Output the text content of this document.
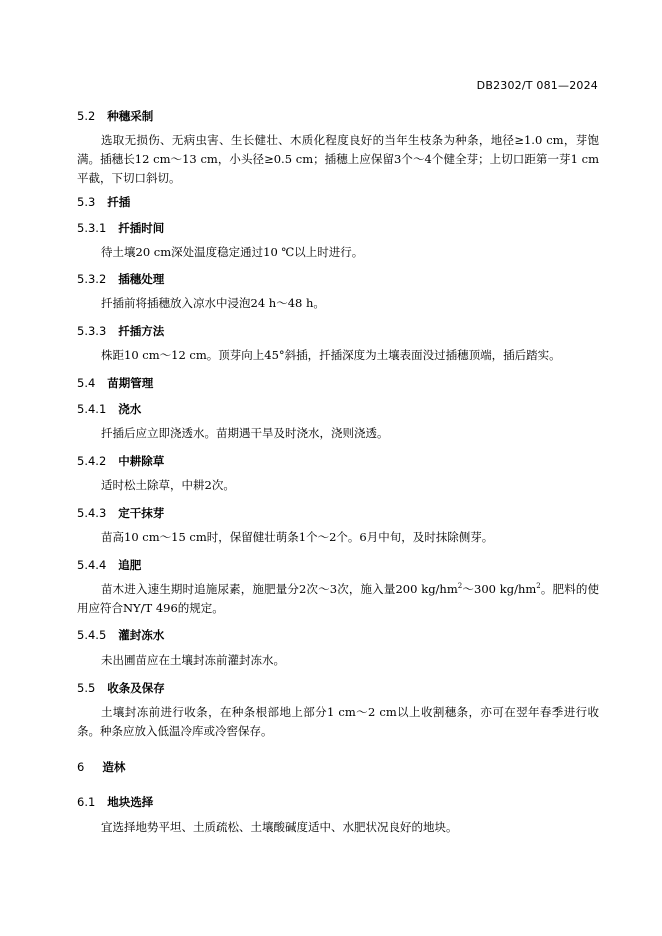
DB2302/T 081—2024
5.2 种穗采制
选取无损伤、无病虫害、生长健壮、木质化程度良好的当年生枝条为种条，地径≥1.0 cm，芽饱满。插穗长12 cm～13 cm，小头径≥0.5 cm；插穗上应保留3个～4个健全芽；上切口距第一芽1 cm平截，下切口斜切。
5.3 扦插
5.3.1 扦插时间
待土壤20 cm深处温度稳定通过10 ℃以上时进行。
5.3.2 插穗处理
扦插前将插穗放入凉水中浸泡24 h～48 h。
5.3.3 扦插方法
株距10 cm～12 cm。顶芽向上45°斜插，扦插深度为土壤表面没过插穗顶端，插后踏实。
5.4 苗期管理
5.4.1 浇水
扦插后应立即浇透水。苗期遇干旱及时浇水，浇则浇透。
5.4.2 中耕除草
适时松土除草，中耕2次。
5.4.3 定干抹芽
苗高10 cm～15 cm时，保留健壮萌条1个～2个。6月中旬，及时抹除侧芽。
5.4.4 追肥
苗木进入速生期时追施尿素，施肥量分2次～3次，施入量200 $kg/hm^2\sim 300$ $kg/hm^2$。肥料的使用应符合NY/T 496的规定。
5.4.5 灌封冻水
未出圃苗应在土壤封冻前灌封冻水。
5.5 收条及保存
土壤封冻前进行收条，在种条根部地上部分1 cm～2 cm以上收割穗条，亦可在翌年春季进行收条。种条应放入低温冷库或冷窖保存。
6 造林
6.1 地块选择
宜选择地势平坦、土质疏松、土壤酸碱度适中、水肥状况良好的地块。
